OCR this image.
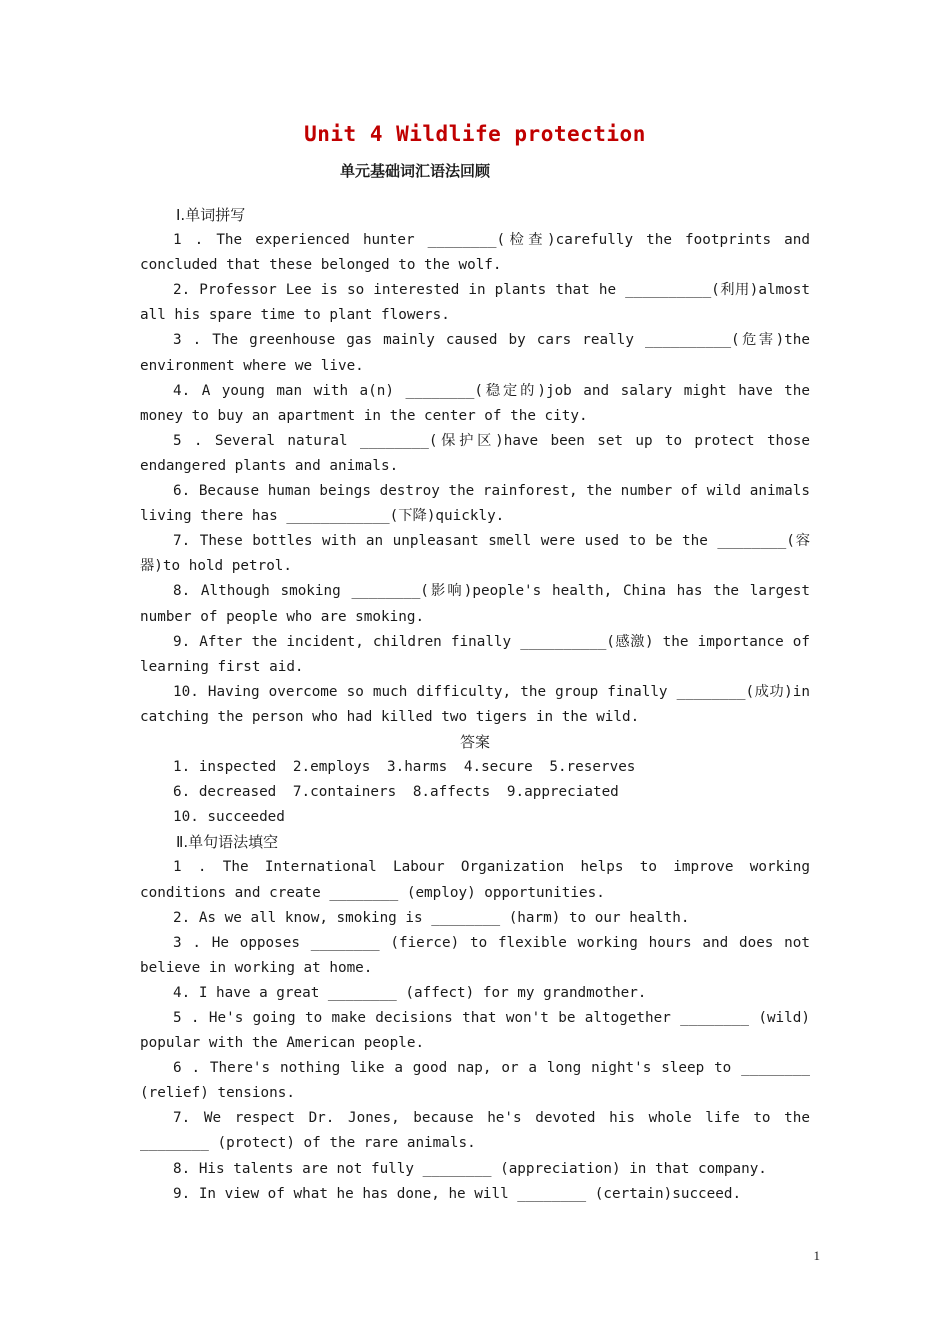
Unit 4 Wildlife protection
单元基础词汇语法回顾

Ⅰ.单词拼写

1 . The experienced hunter ________(检查)carefully the footprints and concluded that these belonged to the wolf.

2. Professor Lee is so interested in plants that he __________(利用)almost all his spare time to plant flowers.

3 . The greenhouse gas mainly caused by cars really __________(危害)the environment where we live.

4. A young man with a(n) ________(稳定的)job and salary might have the money to buy an apartment in the center of the city.

5 . Several natural ________(保护区)have been set up to protect those endangered plants and animals.

6. Because human beings destroy the rainforest, the number of wild animals living there has ____________(下降)quickly.

7. These bottles with an unpleasant smell were used to be the ________(容器)to hold petrol.

8. Although smoking ________(影响)people's health, China has the largest number of people who are smoking.

9. After the incident, children finally __________(感激) the importance of learning first aid.

10. Having overcome so much difficulty, the group finally ________(成功)in catching the person who had killed two tigers in the wild.

答案

1. inspected 2.employs 3.harms 4.secure 5.reserves

6. decreased 7.containers 8.affects 9.appreciated

10. succeeded

Ⅱ.单句语法填空

1 . The International Labour Organization helps to improve working conditions and create ________ (employ) opportunities.

2. As we all know, smoking is ________ (harm) to our health.

3 . He opposes ________ (fierce) to flexible working hours and does not believe in working at home.

4. I have a great ________ (affect) for my grandmother.

5 . He's going to make decisions that won't be altogether ________ (wild) popular with the American people.

6 . There's nothing like a good nap, or a long night's sleep to ________ (relief) tensions.

7. We respect Dr. Jones, because he's devoted his whole life to the ________ (protect) of the rare animals.

8. His talents are not fully ________ (appreciation) in that company.

9. In view of what he has done, he will ________ (certain)succeed.

1
